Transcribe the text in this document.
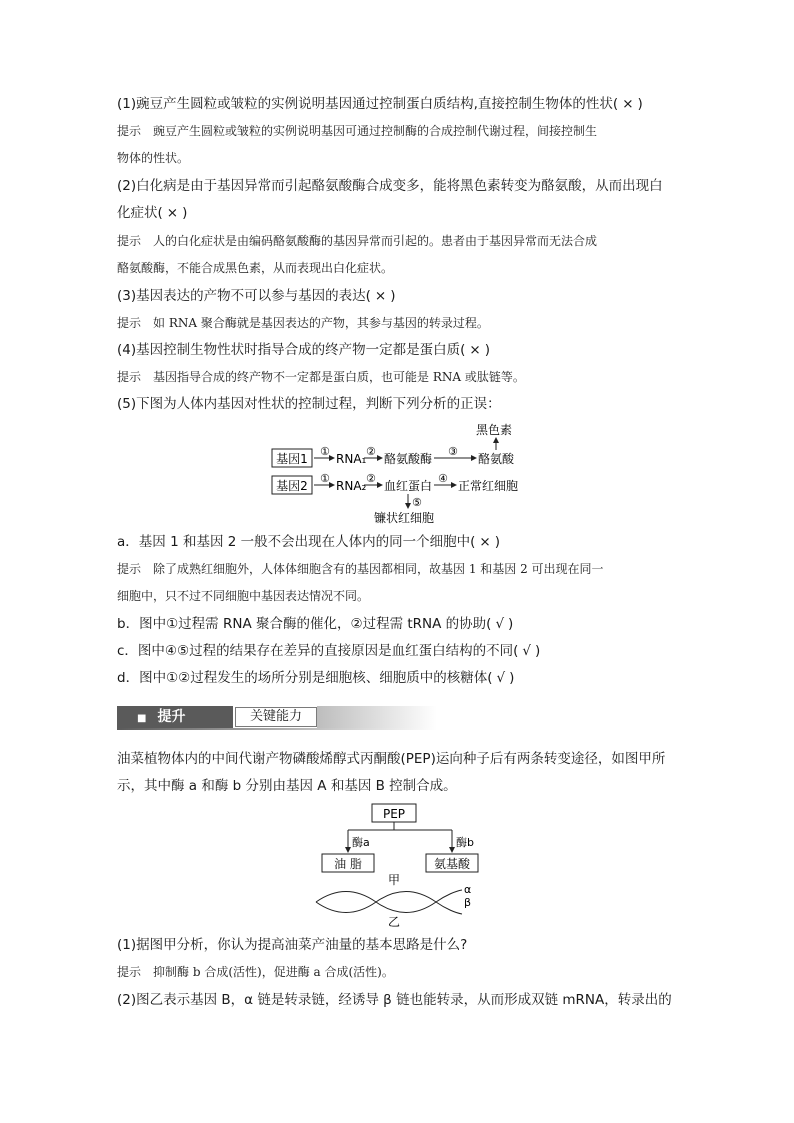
(1)豌豆产生圆粒或皱粒的实例说明基因通过控制蛋白质结构,直接控制生物体的性状( × )
提示 豌豆产生圆粒或皱粒的实例说明基因可通过控制酶的合成控制代谢过程，间接控制生
物体的性状。
(2)白化病是由于基因异常而引起酪氨酸酶合成变多，能将黑色素转变为酪氨酸，从而出现白
化症状( × )
提示 人的白化症状是由编码酪氨酸酶的基因异常而引起的。患者由于基因异常而无法合成
酪氨酸酶，不能合成黑色素，从而表现出白化症状。
(3)基因表达的产物不可以参与基因的表达( × )
提示 如 RNA 聚合酶就是基因表达的产物，其参与基因的转录过程。
(4)基因控制生物性状时指导合成的终产物一定都是蛋白质( × )
提示 基因指导合成的终产物不一定都是蛋白质，也可能是 RNA 或肽链等。
(5)下图为人体内基因对性状的控制过程，判断下列分析的正误：
基因1
①
RNA₁
②
酪氨酸酶
③
酪氨酸
黑色素
基因2
①
RNA₂
②
血红蛋白
④
正常红细胞
⑤
镰状红细胞
a．基因 1 和基因 2 一般不会出现在人体内的同一个细胞中( × )
提示 除了成熟红细胞外，人体体细胞含有的基因都相同，故基因 1 和基因 2 可出现在同一
细胞中，只不过不同细胞中基因表达情况不同。
b．图中①过程需 RNA 聚合酶的催化，②过程需 tRNA 的协助( √ )
c．图中④⑤过程的结果存在差异的直接原因是血红蛋白结构的不同( √ )
d．图中①②过程发生的场所分别是细胞核、细胞质中的核糖体( √ )
■ 提升	关键能力
油菜植物体内的中间代谢产物磷酸烯醇式丙酮酸(PEP)运向种子后有两条转变途径，如图甲所
示，其中酶 a 和酶 b 分别由基因 A 和基因 B 控制合成。
PEP
酶a	酶b
油 脂	氨基酸
甲
α
β
乙
(1)据图甲分析，你认为提高油菜产油量的基本思路是什么?
提示 抑制酶 b 合成(活性)，促进酶 a 合成(活性)。
(2)图乙表示基因 B，α 链是转录链，经诱导 β 链也能转录，从而形成双链 mRNA，转录出的
